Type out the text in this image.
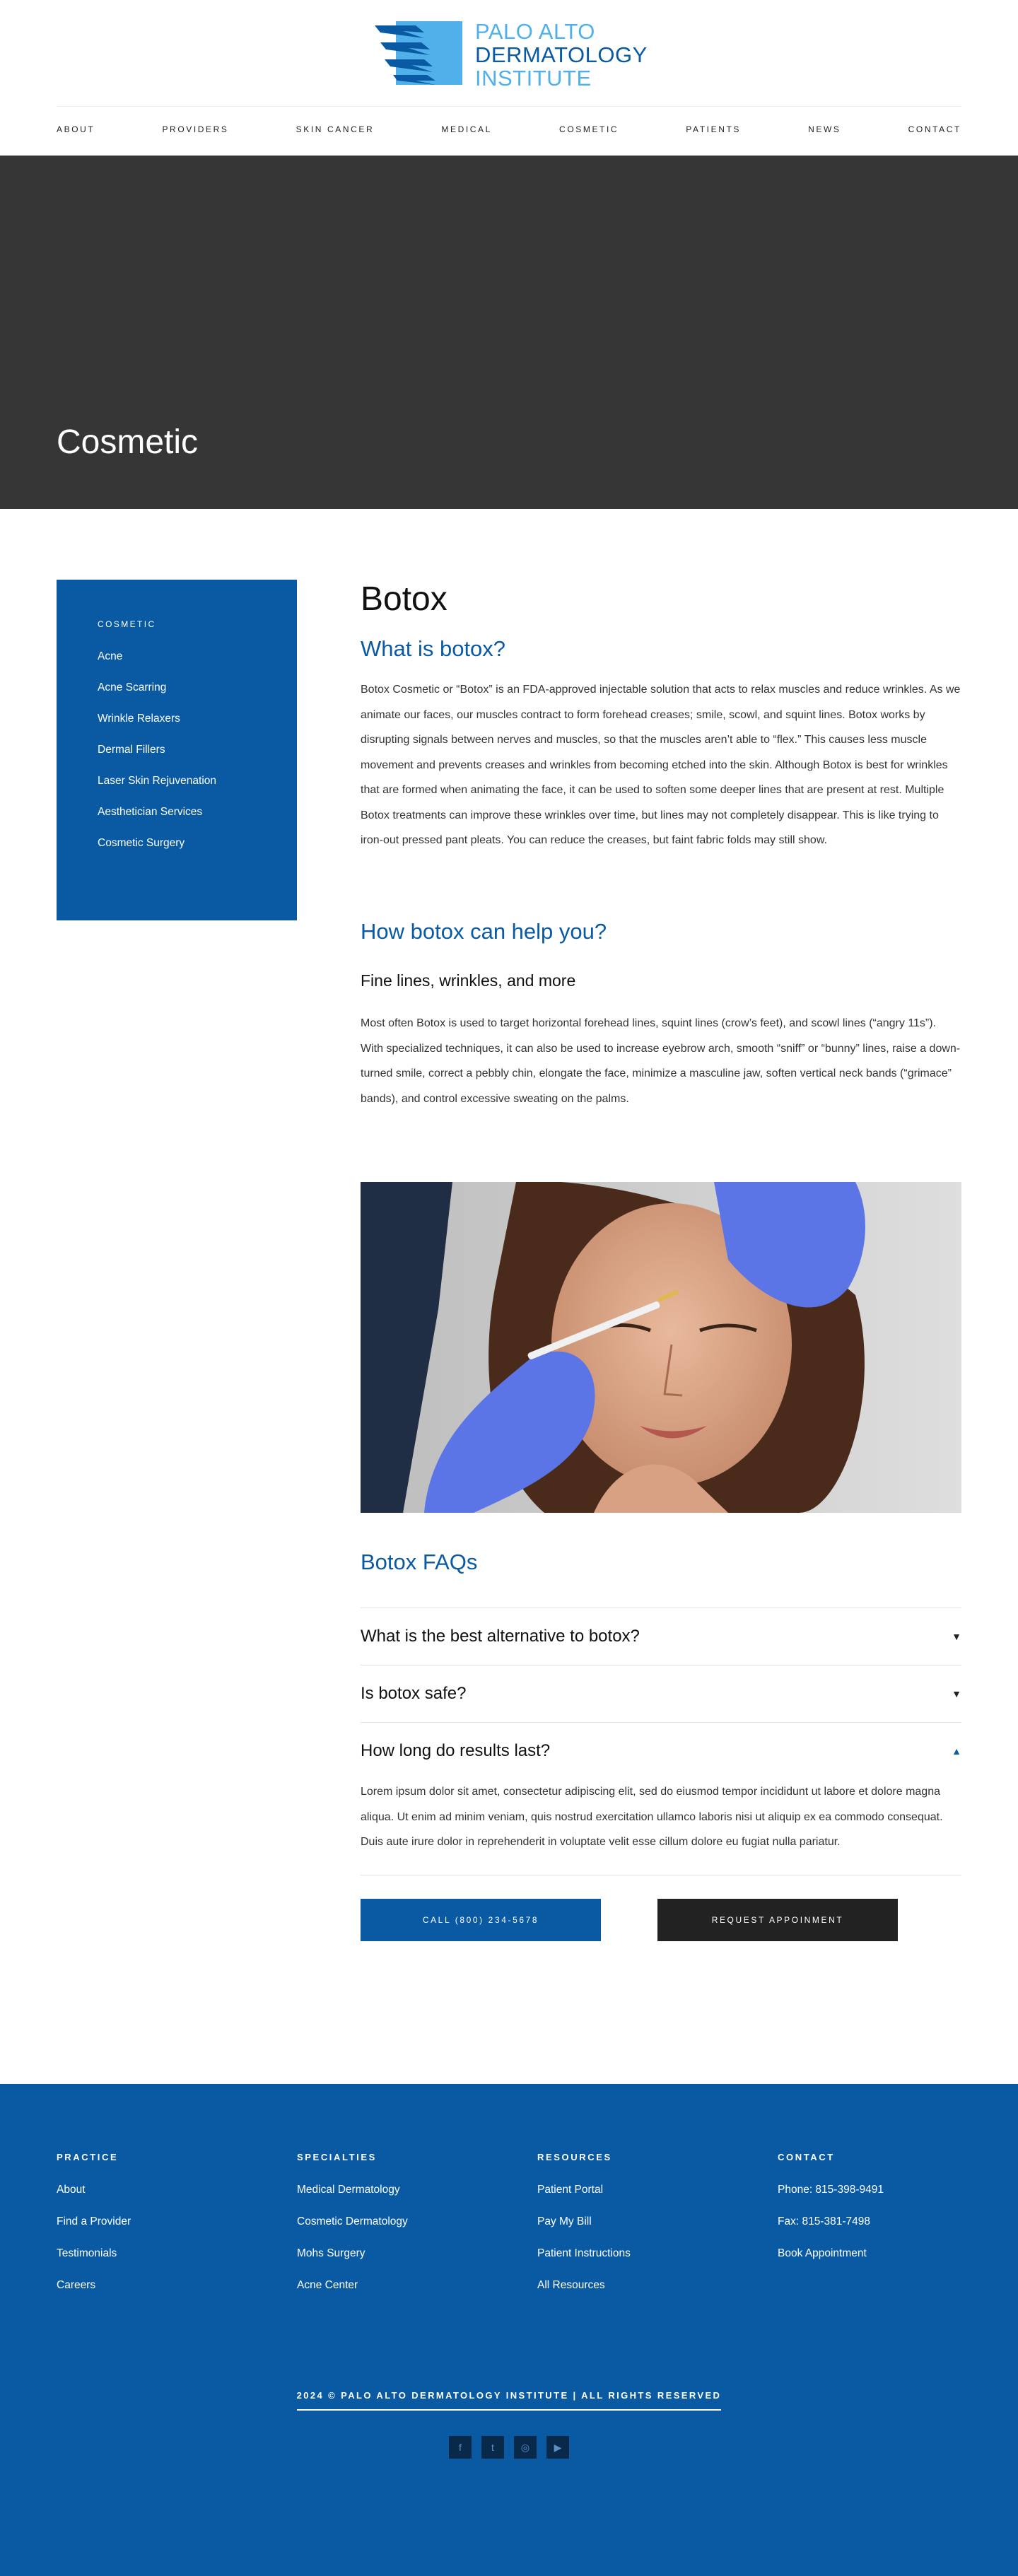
PALO ALTO
DERMATOLOGY
INSTITUTE
ABOUT	PROVIDERS	SKIN CANCER	MEDICAL	COSMETIC	PATIENTS	NEWS	CONTACT
Cosmetic
COSMETIC
Acne
Acne Scarring
Wrinkle Relaxers
Dermal Fillers
Laser Skin Rejuvenation
Aesthetician Services
Cosmetic Surgery
Botox
What is botox?

Botox Cosmetic or “Botox” is an FDA-approved injectable solution that acts to relax muscles and reduce wrinkles. As we animate our faces, our muscles contract to form forehead creases; smile, scowl, and squint lines. Botox works by disrupting signals between nerves and muscles, so that the muscles aren’t able to “flex.” This causes less muscle movement and prevents creases and wrinkles from becoming etched into the skin. Although Botox is best for wrinkles that are formed when animating the face, it can be used to soften some deeper lines that are present at rest. Multiple Botox treatments can improve these wrinkles over time, but lines may not completely disappear. This is like trying to iron-out pressed pant pleats. You can reduce the creases, but faint fabric folds may still show.

How botox can help you?
Fine lines, wrinkles, and more

Most often Botox is used to target horizontal forehead lines, squint lines (crow’s feet), and scowl lines (“angry 11s”). With specialized techniques, it can also be used to increase eyebrow arch, smooth “sniff” or “bunny” lines, raise a down-turned smile, correct a pebbly chin, elongate the face, minimize a masculine jaw, soften vertical neck bands (“grimace” bands), and control excessive sweating on the palms.

Botox FAQs
What is the best alternative to botox?	▼
Is botox safe?	▼
How long do results last?	▲

Lorem ipsum dolor sit amet, consectetur adipiscing elit, sed do eiusmod tempor incididunt ut labore et dolore magna aliqua. Ut enim ad minim veniam, quis nostrud exercitation ullamco laboris nisi ut aliquip ex ea commodo consequat. Duis aute irure dolor in reprehenderit in voluptate velit esse cillum dolore eu fugiat nulla pariatur.

CALL (800) 234-5678	REQUEST APPOINMENT
PRACTICE
About
Find a Provider
Testimonials
Careers
SPECIALTIES
Medical Dermatology
Cosmetic Dermatology
Mohs Surgery
Acne Center
RESOURCES
Patient Portal
Pay My Bill
Patient Instructions
All Resources
CONTACT
Phone: 815-398-9491
Fax: 815-381-7498
Book Appointment
2024 © PALO ALTO DERMATOLOGY INSTITUTE | ALL RIGHTS RESERVED
f	t	◎	▶
